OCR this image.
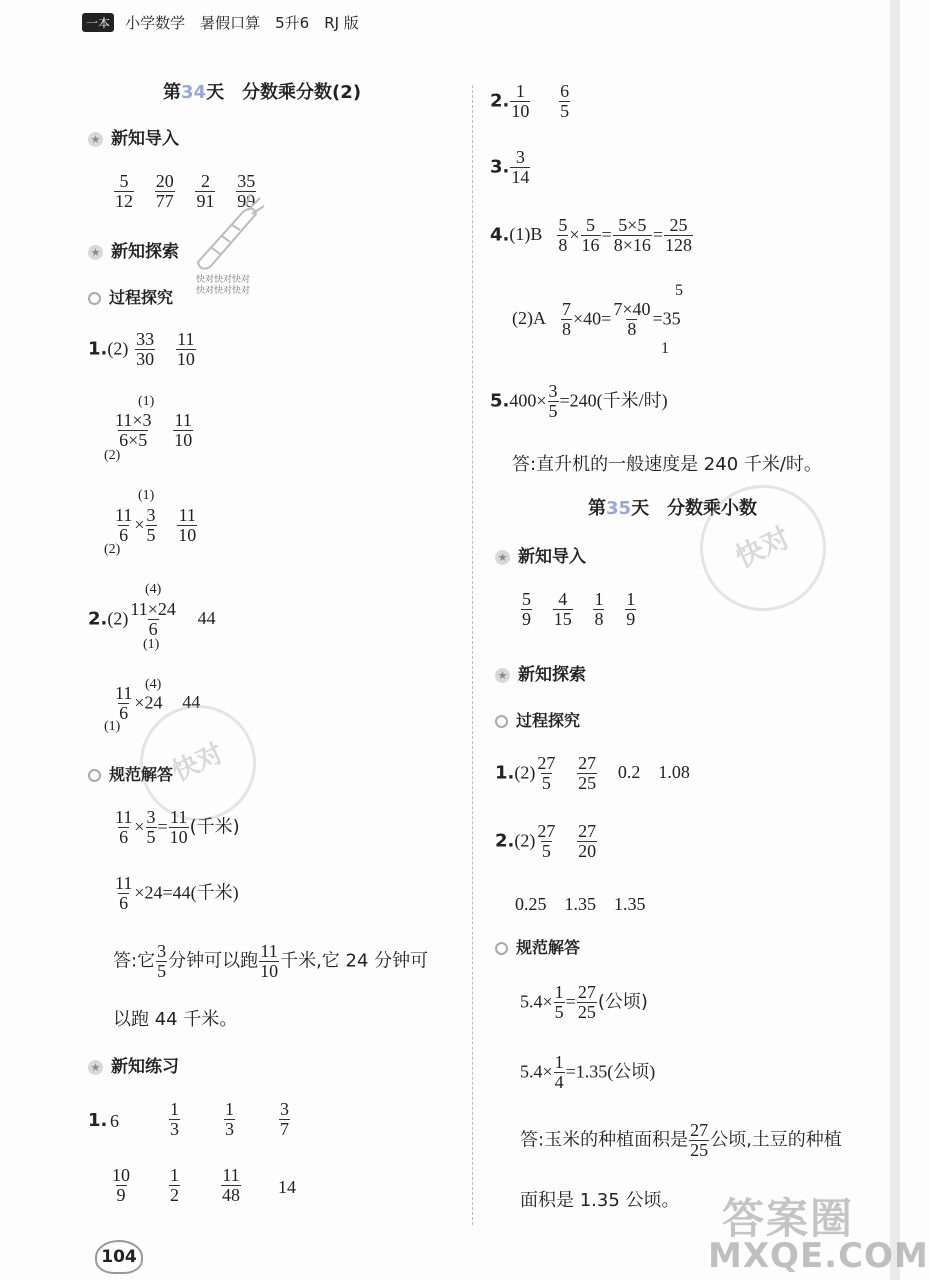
一本 小学数学　暑假口算　5升6　RJ 版
第34天　分数乘分数(2)
★ 新知导入
$\frac{5}{12}$
$\frac{20}{77}$
$\frac{2}{91}$
$\frac{35}{99}$
快对快对快对
快对快对快对
★ 新知探索
过程探究
$1.(2) \frac{33}{30}$
$\frac{11}{10}$
(1)
$\frac{11\times 3}{6\times 5}$
$\frac{11}{10}$
(2)
(1)
$\frac{11}{6} \times \frac{3}{5}$
$\frac{11}{10}$
(2)
(4)
$2.(2) \frac{11\times 24}{6} 44$
(1)
(4)
$\frac{11}{6} \times 24$ 44
(1)
快对
规范解答
$\frac{11}{6} \times \frac{3}{5} = \frac{11}{10}$ (千米)
$\frac{11}{6} \times 24=44$(千米)
答:它 $\frac{3}{5}$ 分钟可以跑 $\frac{11}{10}$ 千米,它 24 分钟可
以跑 44 千米。
★ 新知练习
1. 6	$\frac{1}{3} \frac{1}{3} \frac{3}{7}$
$\frac{10}{9} \frac{1}{2} \frac{11}{48} 14$
104
2. $\frac{1}{10}$
$\frac{6}{5}$
3. $\frac{3}{14}$
$4.(1)B \frac{5}{8} \times \frac{5}{16} = \frac{5\times 5}{8\times 16} = \frac{25}{128}$
5
$(2)A \frac{7}{8} \times 40= \frac{7\times 40}{8} =35$
1
$5.400\times \frac{3}{5} =240$(千米/时)
答:直升机的一般速度是 240 千米/时。
第35天　分数乘小数
快对
★ 新知导入
$\frac{5}{9}$
$\frac{4}{15}$
$\frac{1}{8}$
$\frac{1}{9}$
★ 新知探索
过程探究
$1.(2) \frac{27}{5}$
$\frac{27}{25} 0.2$　1.08
$2.(2) \frac{27}{5}$
$\frac{27}{20}$
0.25　1.35　1.35
规范解答
$5.4\times \frac{1}{5} = \frac{27}{25}$ (公顷)
$5.4\times \frac{1}{4} =1.35$(公顷)
答:玉米的种植面积是 $\frac{27}{25}$ 公顷,土豆的种植
面积是 1.35 公顷。 答案圈
MXQE.COM
